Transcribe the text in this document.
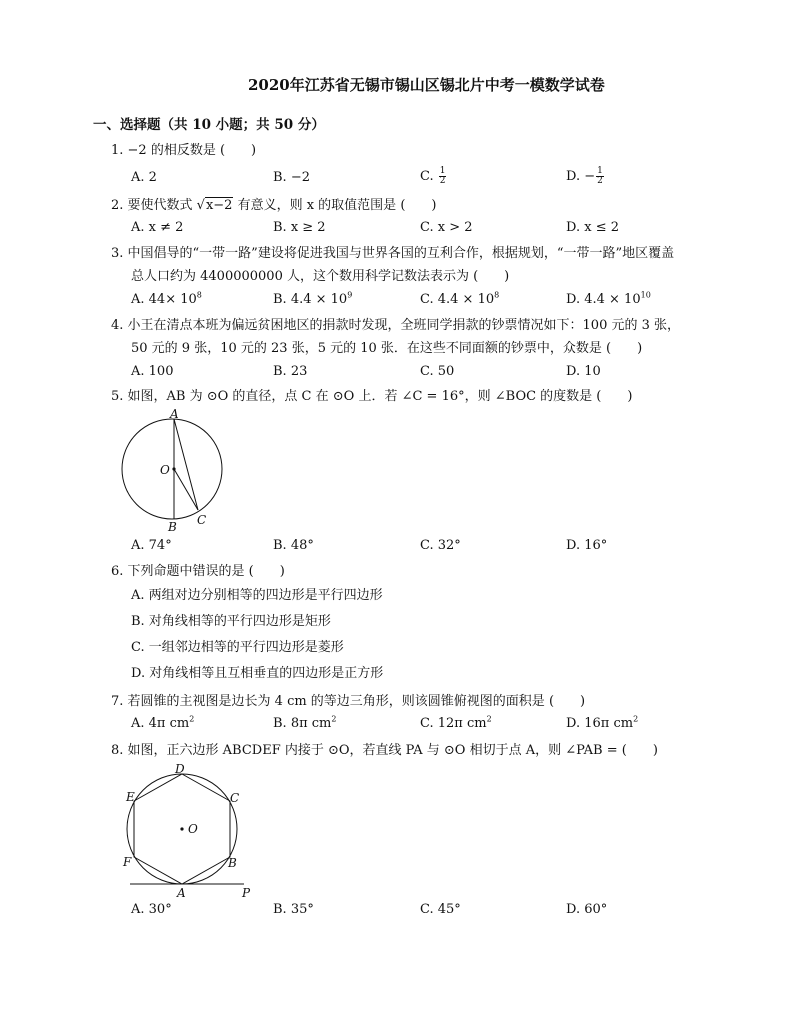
2020年江苏省无锡市锡山区锡北片中考一模数学试卷
一、选择题（共 10 小题；共 50 分）
1. −2 的相反数是 (　　)
A. 2	B. −2	C. $\frac{1}{2}$	D. − $\frac{1}{2}$
2. 要使代数式 √x−2 有意义，则 x 的取值范围是 (　　)
A. x ≠ 2	B. x ≥ 2	C. x > 2	D. x ≤ 2
3. 中国倡导的“一带一路”建设将促进我国与世界各国的互利合作，根据规划，“一带一路”地区覆盖
总人口约为 4400000000 人，这个数用科学记数法表示为 (　　)
A. $44\times 10^8$	B. $4.4 \times 10^9$	C. $4.4 \times 10^8$	D. $4.4 \times 10^{10}$
4. 小王在清点本班为偏远贫困地区的捐款时发现，全班同学捐款的钞票情况如下：100 元的 3 张，
50 元的 9 张，10 元的 23 张，5 元的 10 张．在这些不同面额的钞票中，众数是 (　　)
A. 100	B. 23	C. 50	D. 10
5. 如图，AB 为 ⊙O 的直径，点 C 在 ⊙O 上．若 ∠C = 16°，则 ∠BOC 的度数是 (　　)
A
O
B C
A. 74°	B. 48°	C. 32°	D. 16°
6. 下列命题中错误的是 (　　)
A. 两组对边分别相等的四边形是平行四边形
B. 对角线相等的平行四边形是矩形
C. 一组邻边相等的平行四边形是菱形
D. 对角线相等且互相垂直的四边形是正方形
7. 若圆锥的主视图是边长为 4 cm 的等边三角形，则该圆锥俯视图的面积是 (　　)
A. 4π $cm^2$	B. 8π $cm^2$	C. 12π $cm^2$	D. 16π $cm^2$
8. 如图，正六边形 ABCDEF 内接于 ⊙O，若直线 PA 与 ⊙O 相切于点 A，则 ∠PAB = (　　)
D
C
E
O
F	B
A	P
A. 30°	B. 35°	C. 45°	D. 60°
